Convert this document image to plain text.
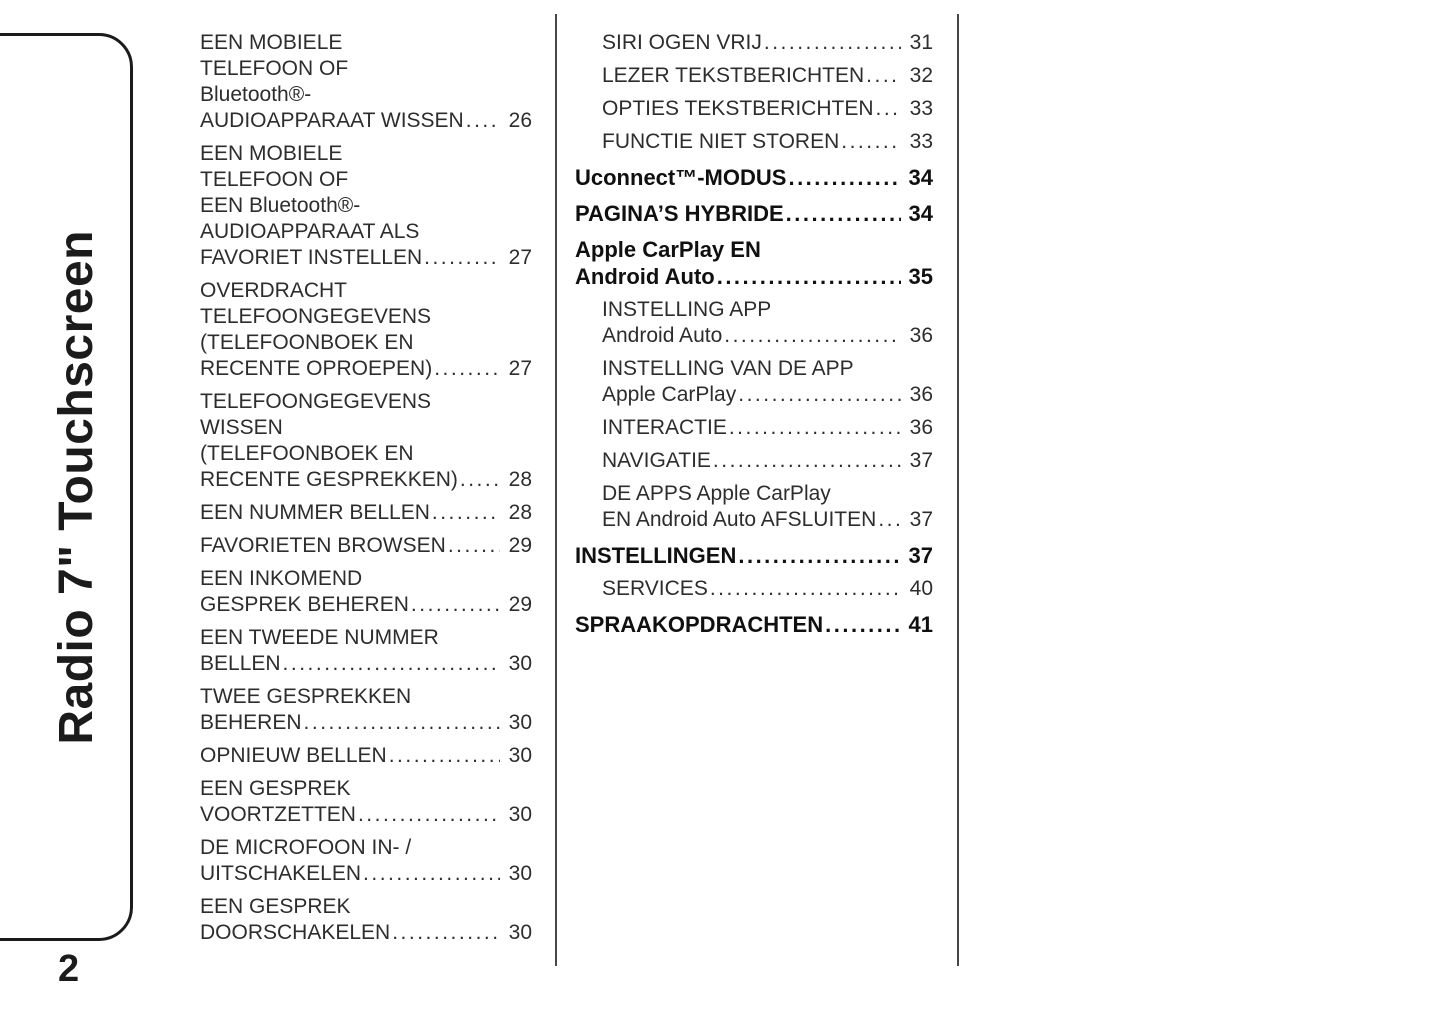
Radio 7" Touchscreen
2
EEN MOBIELE
TELEFOON OF
Bluetooth®-
AUDIOAPPARAAT WISSEN ..... 26
EEN MOBIELE
TELEFOON OF
EEN Bluetooth®-
AUDIOAPPARAAT ALS
FAVORIET INSTELLEN .....	27
OVERDRACHT
TELEFOONGEGEVENS
(TELEFOONBOEK EN
RECENTE OPROEPEN) .....	27
TELEFOONGEGEVENS
WISSEN
(TELEFOONBOEK EN
RECENTE GESPREKKEN) ..... 28
EEN NUMMER BELLEN .....	28
FAVORIETEN BROWSEN .....	29
EEN INKOMEND
GESPREK BEHEREN .....	29
EEN TWEEDE NUMMER
BELLEN .....	30
TWEE GESPREKKEN
BEHEREN .....	30
OPNIEUW BELLEN .....	30
EEN GESPREK
VOORTZETTEN .....	30
DE MICROFOON IN- /
UITSCHAKELEN .....	30
EEN GESPREK
DOORSCHAKELEN .....	30
SIRI OGEN VRIJ .....	31
LEZER TEKSTBERICHTEN ..... 32
OPTIES TEKSTBERICHTEN ..... 33
FUNCTIE NIET STOREN .....	33
Uconnect™-MODUS .....	34
PAGINA’S HYBRIDE .....	34
Apple CarPlay EN
Android Auto .....	35
INSTELLING APP
Android Auto .....	36
INSTELLING VAN DE APP
Apple CarPlay .....	36
INTERACTIE .....	36
NAVIGATIE .....	37
DE APPS Apple CarPlay
EN Android Auto AFSLUITEN ..... 37
INSTELLINGEN .....	37
SERVICES .....	40
SPRAAKOPDRACHTEN .....	41
